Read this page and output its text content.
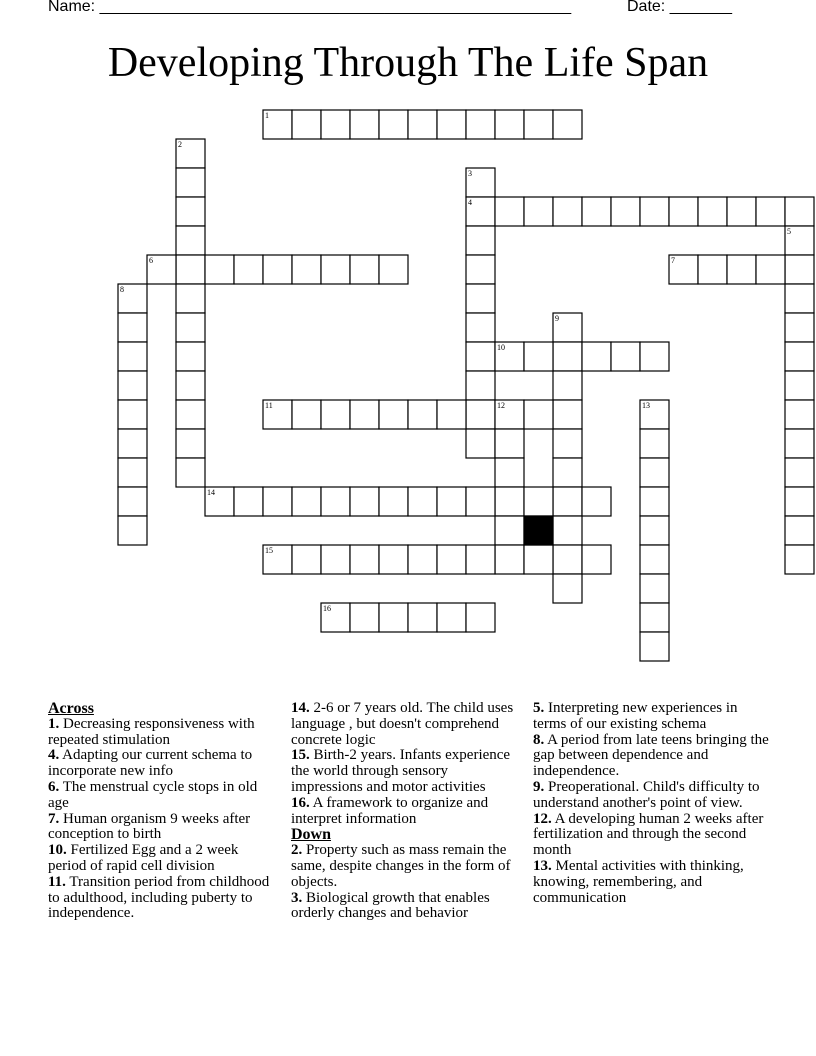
Name: _____________________________________________________	Date: _______
Developing Through The Life Span
1
2
3
4
5
6	7
8
9
10
11	12	13
14
15
16

Across

1. Decreasing responsiveness with repeated stimulation

4. Adapting our current schema to incorporate new info

6. The menstrual cycle stops in old age

7. Human organism 9 weeks after conception to birth

10. Fertilized Egg and a 2 week period of rapid cell division

11. Transition period from childhood to adulthood, including puberty to independence.

14. 2-6 or 7 years old. The child uses language , but doesn't comprehend concrete logic

15. Birth-2 years. Infants experience the world through sensory impressions and motor activities

16. A framework to organize and interpret information

Down

2. Property such as mass remain the same, despite changes in the form of objects.

3. Biological growth that enables orderly changes and behavior

5. Interpreting new experiences in terms of our existing schema

8. A period from late teens bringing the gap between dependence and independence.

9. Preoperational. Child's difficulty to understand another's point of view.

12. A developing human 2 weeks after fertilization and through the second month

13. Mental activities with thinking, knowing, remembering, and communication
